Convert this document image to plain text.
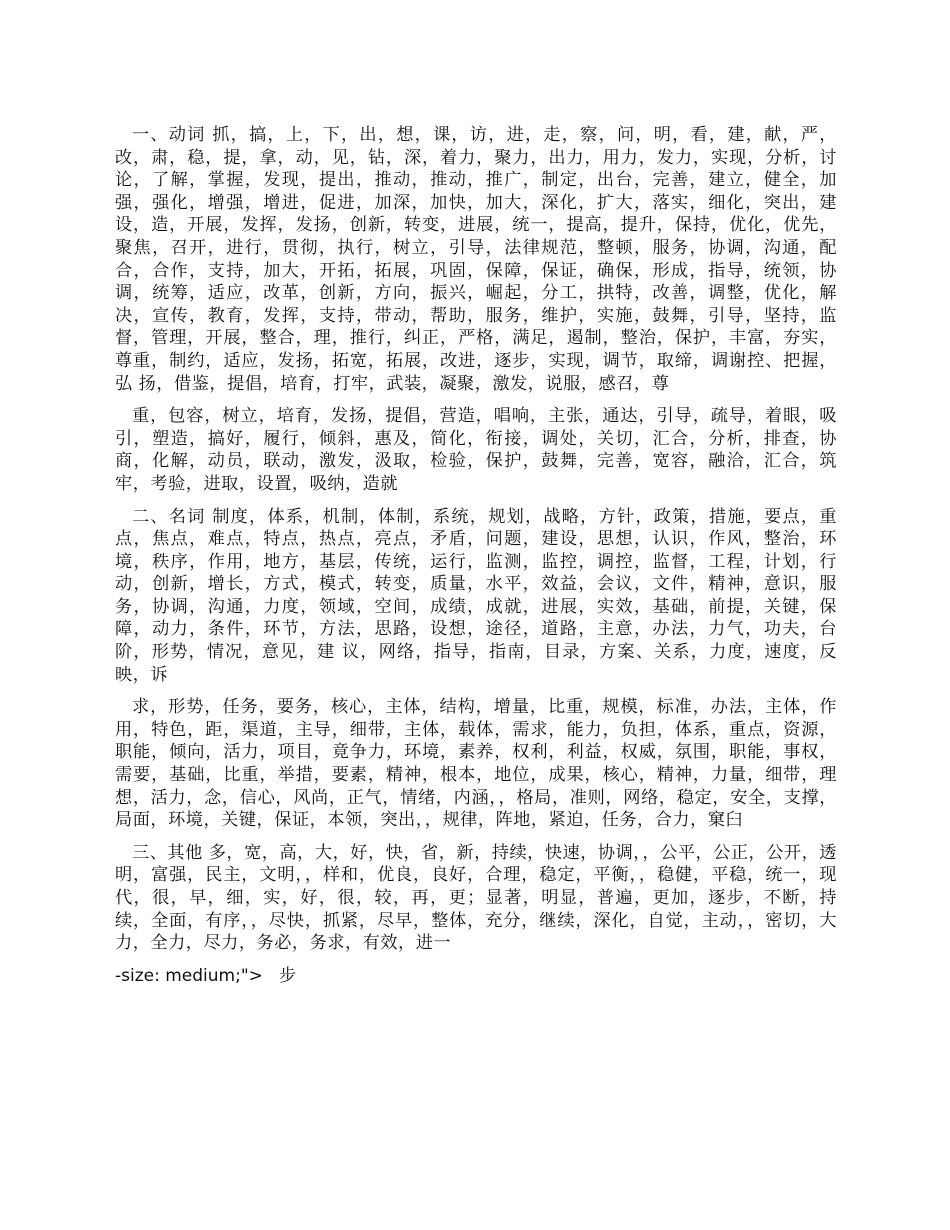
一、动词 抓，搞，上，下，出，想，课，访，进，走，察，问，明，看，建，献，严，改，肃，稳，提，拿，动，见，钻，深，着力，聚力，出力，用力，发力，实现，分析，讨论，了解，掌握，发现，提出，推动，推动，推广，制定，出台，完善，建立，健全，加强，强化，增强，增进，促进，加深，加快，加大，深化，扩大，落实，细化，突出，建设，造，开展，发挥，发扬，创新，转变，进展，统一，提高，提升，保持，优化，优先，聚焦，召开，进行，贯彻，执行，树立，引导，法律规范，整顿，服务，协调，沟通，配合，合作，支持，加大，开拓，拓展，巩固，保障，保证，确保，形成，指导，统领，协调，统筹，适应，改革，创新，方向，振兴，崛起，分工，拱特，改善，调整，优化，解决，宣传，教育，发挥，支持，带动，帮助，服务，维护，实施，鼓舞，引导，坚持，监督，管理，开展，整合，理，推行，纠正，严格，满足，遏制，整治，保护，丰富，夯实，尊重，制约，适应，发扬，拓宽，拓展，改进，逐步，实现，调节，取缔，调谢控、把握，弘 扬，借鉴，提倡，培育，打牢，武装，凝聚，激发，说服，感召，尊

重，包容，树立，培育，发扬，提倡，营造，唱响，主张，通达，引导，疏导，着眼，吸引，塑造，搞好，履行，倾斜，惠及，简化，衔接，调处，关切，汇合，分析，排查，协商，化解，动员，联动，激发，汲取，检验，保护，鼓舞，完善，宽容，融洽，汇合，筑牢，考验，进取，设置，吸纳，造就

二、名词 制度，体系，机制，体制，系统，规划，战略，方针，政策，措施，要点，重点，焦点，难点，特点，热点，亮点，矛盾，问题，建设，思想，认识，作风，整治，环境，秩序，作用，地方，基层，传统，运行，监测，监控，调控，监督，工程，计划，行动，创新，增长，方式，模式，转变，质量，水平，效益，会议，文件，精神，意识，服务，协调，沟通，力度，领域，空间，成绩，成就，进展，实效，基础，前提，关键，保障，动力，条件，环节，方法，思路，设想，途径，道路，主意，办法，力气，功夫，台阶，形势，情况，意见，建 议，网络，指导，指南，目录，方案、关系，力度，速度，反映，诉

求，形势，任务，要务，核心，主体，结构，增量，比重，规模，标准，办法，主体，作用，特色，距，渠道，主导，细带，主体，载体，需求，能力，负担，体系，重点，资源，职能，倾向，活力，项目，竟争力，环境，素养，权利，利益，权威，氛围，职能，事权，需要，基础，比重，举措，要素，精神，根本，地位，成果，核心，精神，力量，细带，理想，活力，念，信心，风尚，正气，情绪，内涵，，格局，准则，网络，稳定，安全，支撑，局面，环境，关键，保证，本领，突出，，规律，阵地，紧迫，任务，合力，窠臼

三、其他 多，宽，高，大，好，快，省，新，持续，快速，协调，，公平，公正，公开，透明，富强，民主，文明，，样和，优良，良好，合理，稳定，平衡，，稳健，平稳，统一，现代，很，早，细，实，好，很，较，再，更；显著，明显，普遍，更加，逐步，不断，持续，全面，有序，，尽快，抓紧，尽早，整体，充分，继续，深化，自觉，主动，，密切，大力，全力，尽力，务必，务求，有效，进一

-size: medium;">   步
